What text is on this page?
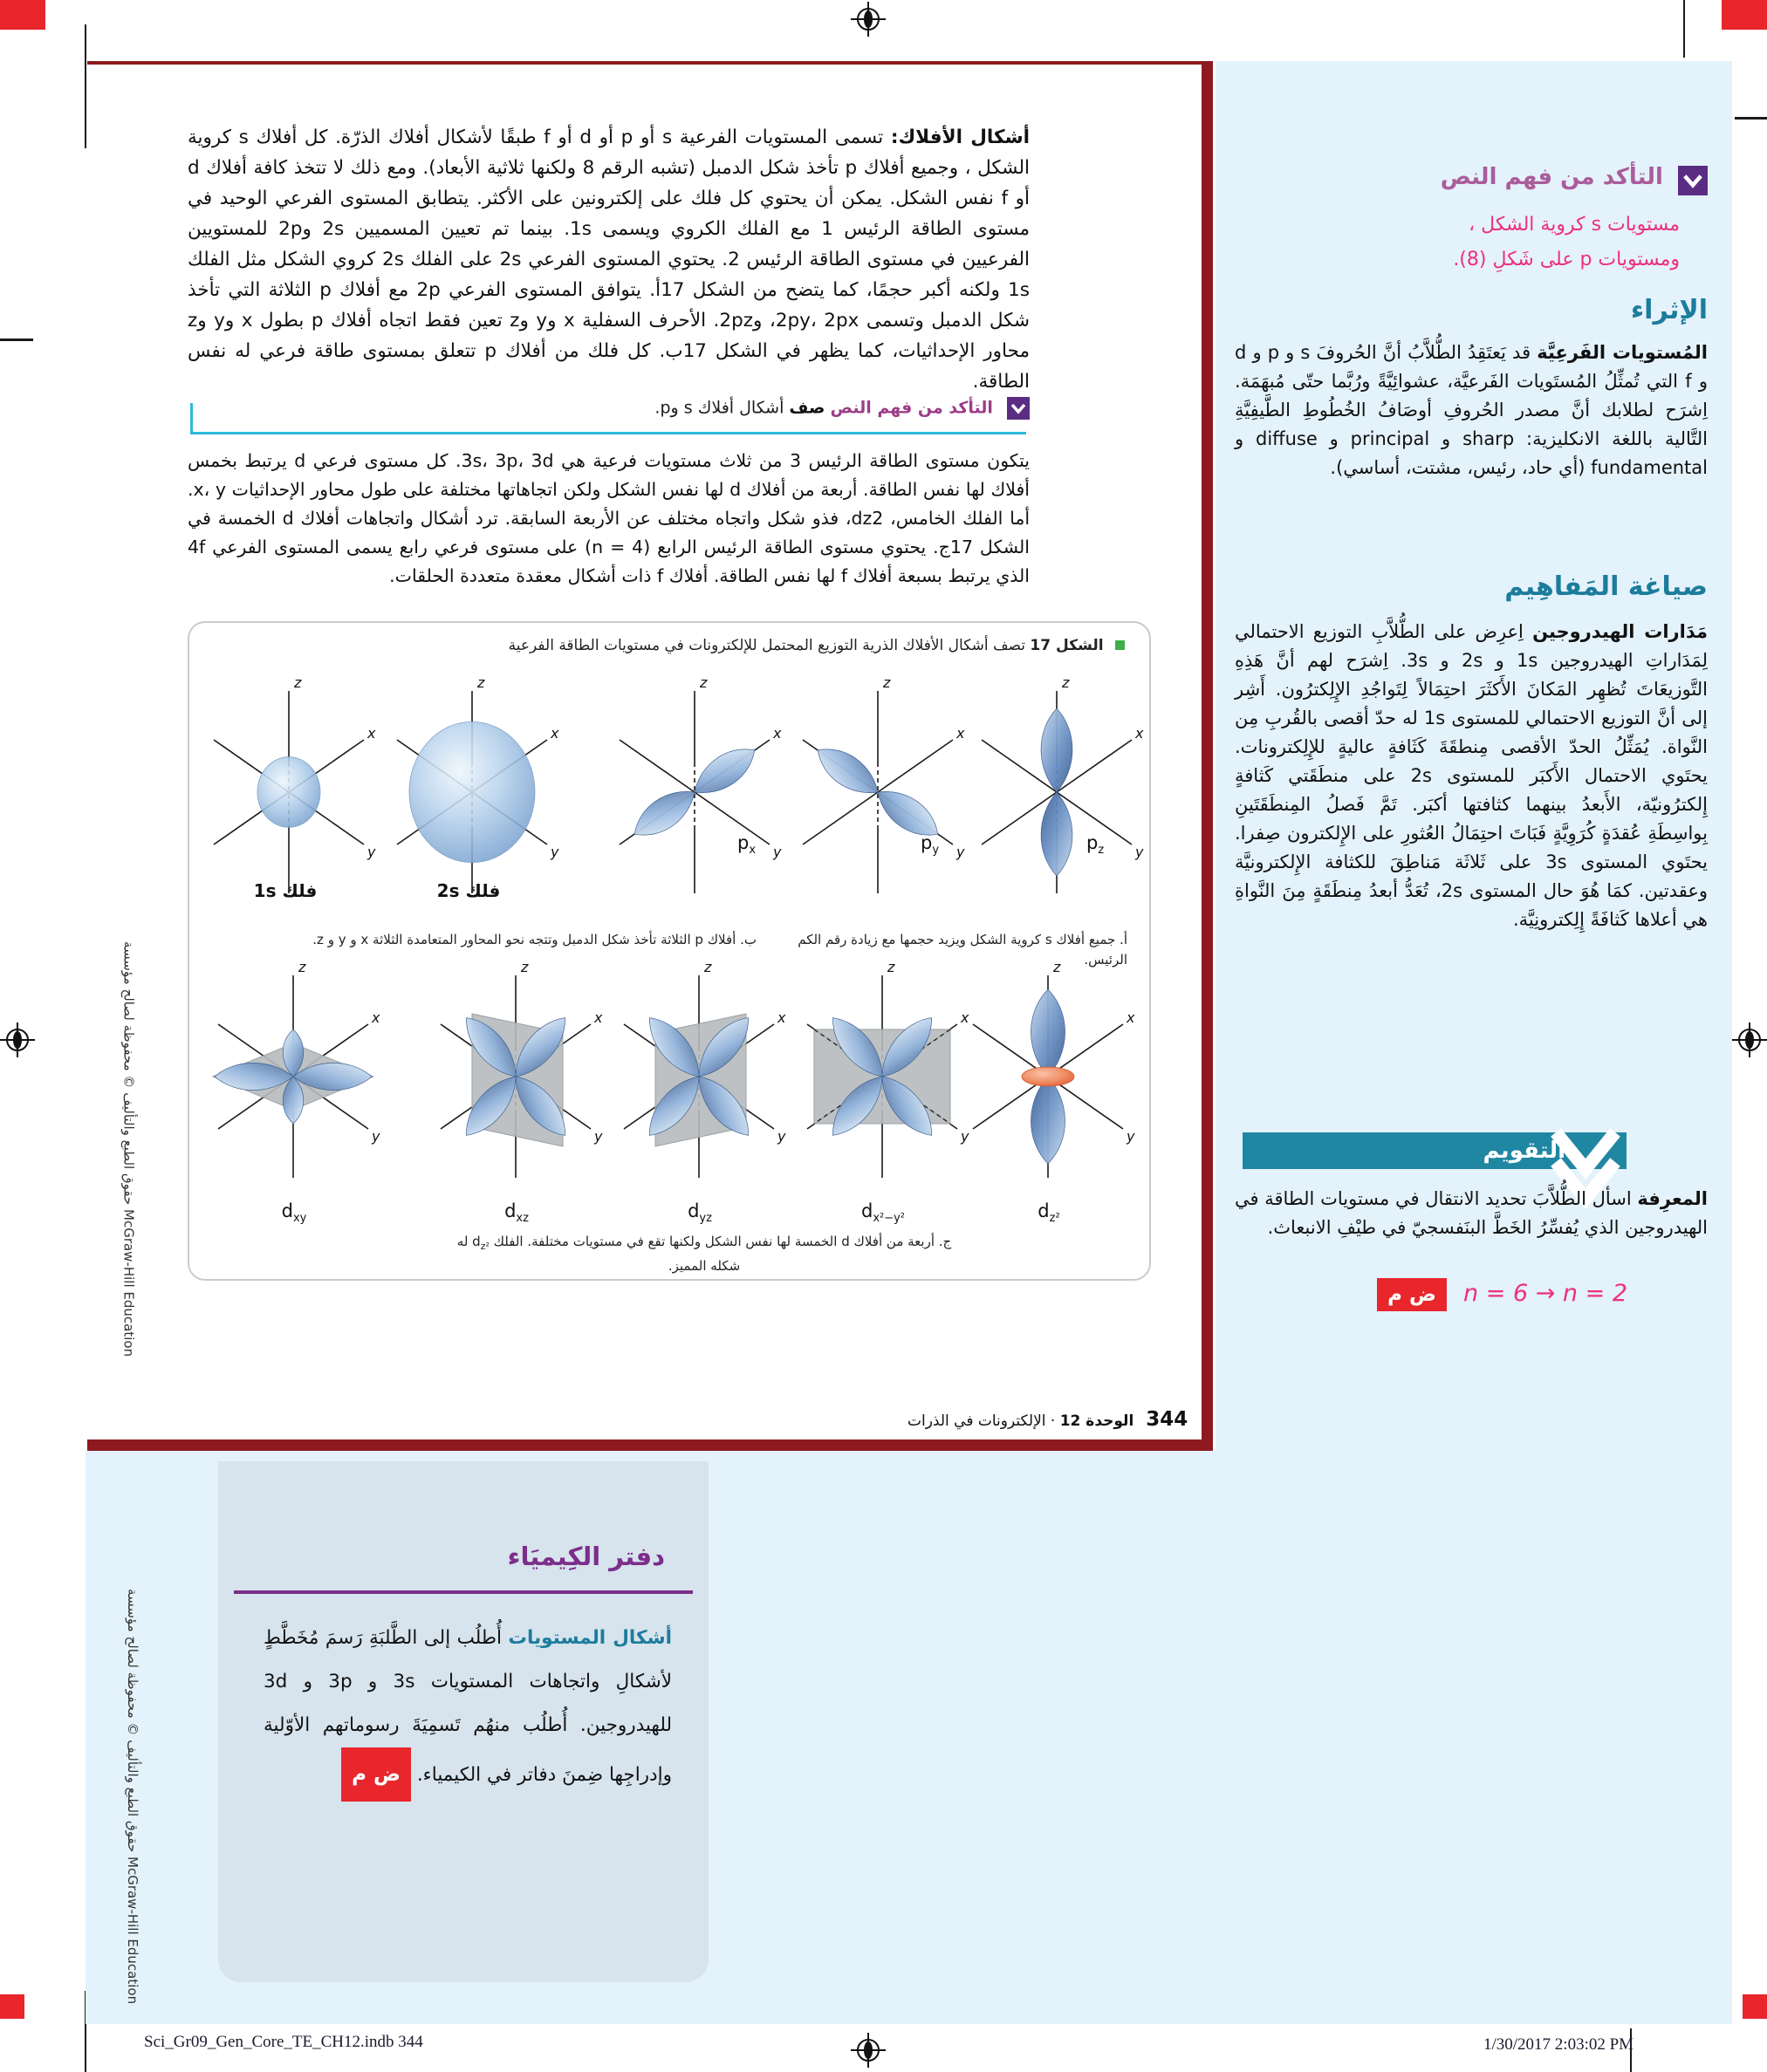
أشكال الأفلاك: تسمى المستويات الفرعية s أو p أو d أو f طبقًا لأشكال أفلاك الذرّة. كل أفلاك s كروية الشكل ، وجميع أفلاك p تأخذ شكل الدمبل (تشبه الرقم 8 ولكنها ثلاثية الأبعاد). ومع ذلك لا تتخذ كافة أفلاك d أو f نفس الشكل. يمكن أن يحتوي كل فلك على إلكترونين على الأكثر. يتطابق المستوى الفرعي الوحيد في مستوى الطاقة الرئيس 1 مع الفلك الكروي ويسمى 1s. بينما تم تعيين المسميين 2s و2p للمستويين الفرعيين في مستوى الطاقة الرئيس 2. يحتوي المستوى الفرعي 2s على الفلك 2s كروي الشكل مثل الفلك 1s ولكنه أكبر حجمًا، كما يتضح من الشكل 17أ. يتوافق المستوى الفرعي 2p مع أفلاك p الثلاثة التي تأخذ شكل الدمبل وتسمى 2py، 2px، و2pz. الأحرف السفلية x وy وz تعين فقط اتجاه أفلاك p بطول x وy وz محاور الإحداثيات، كما يظهر في الشكل 17ب. كل فلك من أفلاك p تتعلق بمستوى طاقة فرعي له نفس الطاقة.
التأكد من فهم النص صف أشكال أفلاك s وp.
يتكون مستوى الطاقة الرئيس 3 من ثلاث مستويات فرعية هي 3s، 3p، 3d. كل مستوى فرعي d يرتبط بخمس أفلاك لها نفس الطاقة. أربعة من أفلاك d لها نفس الشكل ولكن اتجاهاتها مختلفة على طول محاور الإحداثيات x، y. أما الفلك الخامس، dz2، فذو شكل واتجاه مختلف عن الأربعة السابقة. ترد أشكال واتجاهات أفلاك d الخمسة في الشكل 17ج. يحتوي مستوى الطاقة الرئيس الرابع (n = 4) على مستوى فرعي رابع يسمى المستوى الفرعي 4f الذي يرتبط بسبعة أفلاك f لها نفس الطاقة. أفلاك f ذات أشكال معقدة متعددة الحلقات.
الشكل 17 تصف أشكال الأفلاك الذرية التوزيع المحتمل للإلكترونات في مستويات الطاقة الفرعية
z
x
y
z
x
y
z
x
y
z
x
y
z
x
y
فلك 1s	فلك 2s
$p_x$	$p_y$	$p_z$
أ. جميع أفلاك s كروية الشكل ويزيد حجمها مع زيادة رقم الكم الرئيس.
ب. أفلاك p الثلاثة تأخذ شكل الدمبل وتتجه نحو المحاور المتعامدة الثلاثة x و y و z.
z
x
y
z
x
y
z
x
y
z
x
y
z
x
y
$d_{xy}$	$d_{xz}$	$d_{yz}$	$d_{x^2-y^2}$	$d_{z^2}$
ج. أربعة من أفلاك d الخمسة لها نفس الشكل ولكنها تقع في مستويات مختلفة. الفلك $d_{z^2}$ له شكله المميز.
344الوحدة 12 · الإلكترونات في الذرات
حقوق الطبع والتأليف © محفوظة لصالح مؤسسة McGraw-Hill Education
التأكد من فهم النص
مستويات s كروية الشكل ،
ومستويات p على شَكلِ (8).
الإثراء
المُستويات الفَرعِيَّة قد يَعتَقِدُ الطُّلاَّبُ أنَّ الحُروفَ s و p و d و f التي تُمثِّلُ المُستَويات الفَرعيَّة، عشوائِيَّةً ورُبَّما حتّى مُبهَمَة. اِشرَح لطلابك أنَّ مصدر الحُروفِ أوصَافُ الخُطُوطِ الطَّيفِيَّةِ التَّالية باللغة الانكليزية: sharp و principal و diffuse و fundamental (أي حاد، رئيس، مشتت، أساسي).
صياغة المَفاهِيم
مَدَارات الهيدروجين اِعرِض على الطُّلاَّبِ التوزيع الاحتمالي لِمَدَاراتِ الهيدروجين 1s و 2s و 3s. اِشرَح لهم أنَّ هَذِهِ التَّوزيعَاتَ تُظهِر المَكانَ الأَكثَرَ احتِمَالاً لِتَواجُدِ الإِلِكترُون. أَشِر إلى أنَّ التوزيع الاحتمالي للمستوى 1s له حدّ أقصى بالقُربِ مِن النَّواة. يُمَثِّلُ الحدّ الأقصى مِنطقَةَ كَثَافةٍ عاليةٍ للإِلِكترونات. يحتَوي الاحتمال الأَكبَر للمستوى 2s على منطَقَتي كَثافةٍ إِلكترُونيّة، الأَبعدُ بينهما كثافتها أكبَر. تَمَّ فَصلُ المِنطَقَتَينِ بِواسِطَةِ عُقدَةٍ كُرَوِيَّةٍ فَبَاتَ احتِمَالُ العُثورِ على الإِلكترون صِفرا. يحتَوي المستوى 3s على ثَلاثَة مَناطِقَ للكثافة الإِلكترونيَّة وعقدتين. كمَا هُوَ حال المستوى 2s، تُعَدُّ أبعدُ مِنطَقَةٍ مِنَ النَّواةِ هي أعلاها كَثافَةً إِلِكترونِيَّة.
التقويم
المعرِفة اسأل الطُّلاَّبَ تحديد الانتقال في مستويات الطاقة في الهيدروجين الذي يُفسِّرُ الخَطَّ البنَفسجيّ في طيْفِ الانبعاث.
n = 6 → n = 2 ض م
دفتر الكِيميَاء
أشكال المستويات أُطلُب إلى الطَّلبَةِ رَسمَ مُخَطَّطٍ لأشكالِ واتجاهات المستويات 3s و 3p و 3d للهيدروجين. أُطلُب منهُم تَسمِيَةَ رسوماتهم الأوّلية وإدراجِها ضِمنَ دفاتر في الكيمياء. ض م
حقوق الطبع والتأليف © محفوظة لصالح مؤسسة McGraw-Hill Education
Sci_Gr09_Gen_Core_TE_CH12.indb 344	1/30/2017 2:03:02 PM
